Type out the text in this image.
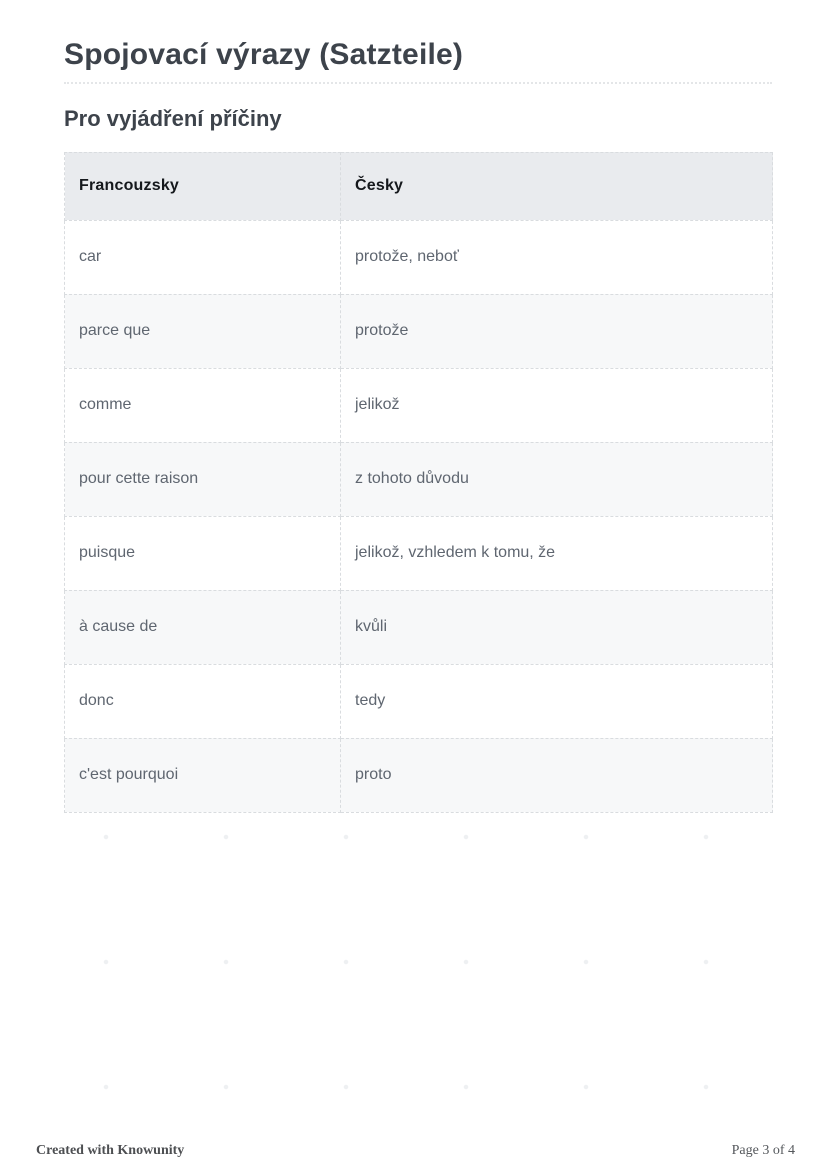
Spojovací výrazy (Satzteile)
Pro vyjádření příčiny
Francouzsky	Česky
car	protože, neboť
parce que	protože
comme	jelikož
pour cette raison	z tohoto důvodu
puisque	jelikož, vzhledem k tomu, že
à cause de	kvůli
donc	tedy
c'est pourquoi	proto
Created with Knowunity	Page 3 of 4
